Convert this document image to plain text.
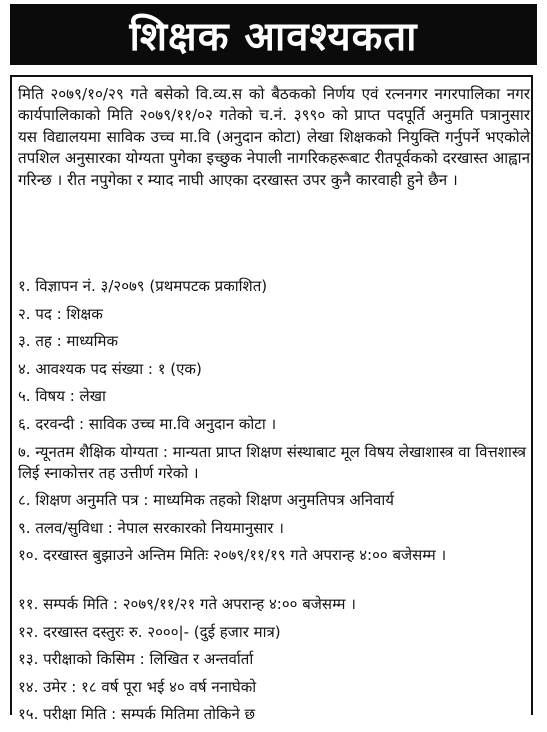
शिक्षक आवश्यकता

मिति २०७९/१०/२९ गते बसेको वि.व्य.स को बैठकको निर्णय एवं रत्ननगर नगरपालिका नगर कार्यपालिकाको मिति २०७९/११/०२ गतेको च.नं. ३९९० को प्राप्त पदपूर्ति अनुमति पत्रानुसार यस विद्यालयमा साविक उच्च मा.वि (अनुदान कोटा) लेखा शिक्षकको नियुक्ति गर्नुपर्ने भएकोले तपशिल अनुसारका योग्यता पुगेका इच्छुक नेपाली नागरिकहरूबाट रीतपूर्वकको दरखास्त आह्वान गरिन्छ । रीत नपुगेका र म्याद नाघी आएका दरखास्त उपर कुनै कारवाही हुने छैन ।

१. विज्ञापन नं. ३/२०७९ (प्रथमपटक प्रकाशित)
२. पद : शिक्षक
३. तह : माध्यमिक
४. आवश्यक पद संख्या : १ (एक)
५. विषय : लेखा
६. दरवन्दी : साविक उच्च मा.वि अनुदान कोटा ।
७. न्यूनतम शैक्षिक योग्यता : मान्यता प्राप्त शिक्षण संस्थाबाट मूल विषय लेखाशास्त्र वा वित्तशास्त्र लिई स्नाकोत्तर तह उत्तीर्ण गरेको ।
८. शिक्षण अनुमति पत्र : माध्यमिक तहको शिक्षण अनुमतिपत्र अनिवार्य
९. तलव/सुविधा : नेपाल सरकारको नियमानुसार ।
१०. दरखास्त बुझाउने अन्तिम मितिः २०७९/११/१९ गते अपरान्ह ४:०० बजेसम्म ।
११. सम्पर्क मिति : २०७९/११/२१ गते अपरान्ह ४:०० बजेसम्म ।
१२. दरखास्त दस्तुरः रु. २०००|- (दुई हजार मात्र)
१३. परीक्षाको किसिम : लिखित र अन्तर्वार्ता
१४. उमेर : १८ वर्ष पूरा भई ४० वर्ष ननाघेको
१५. परीक्षा मिति : सम्पर्क मितिमा तोकिने छ
